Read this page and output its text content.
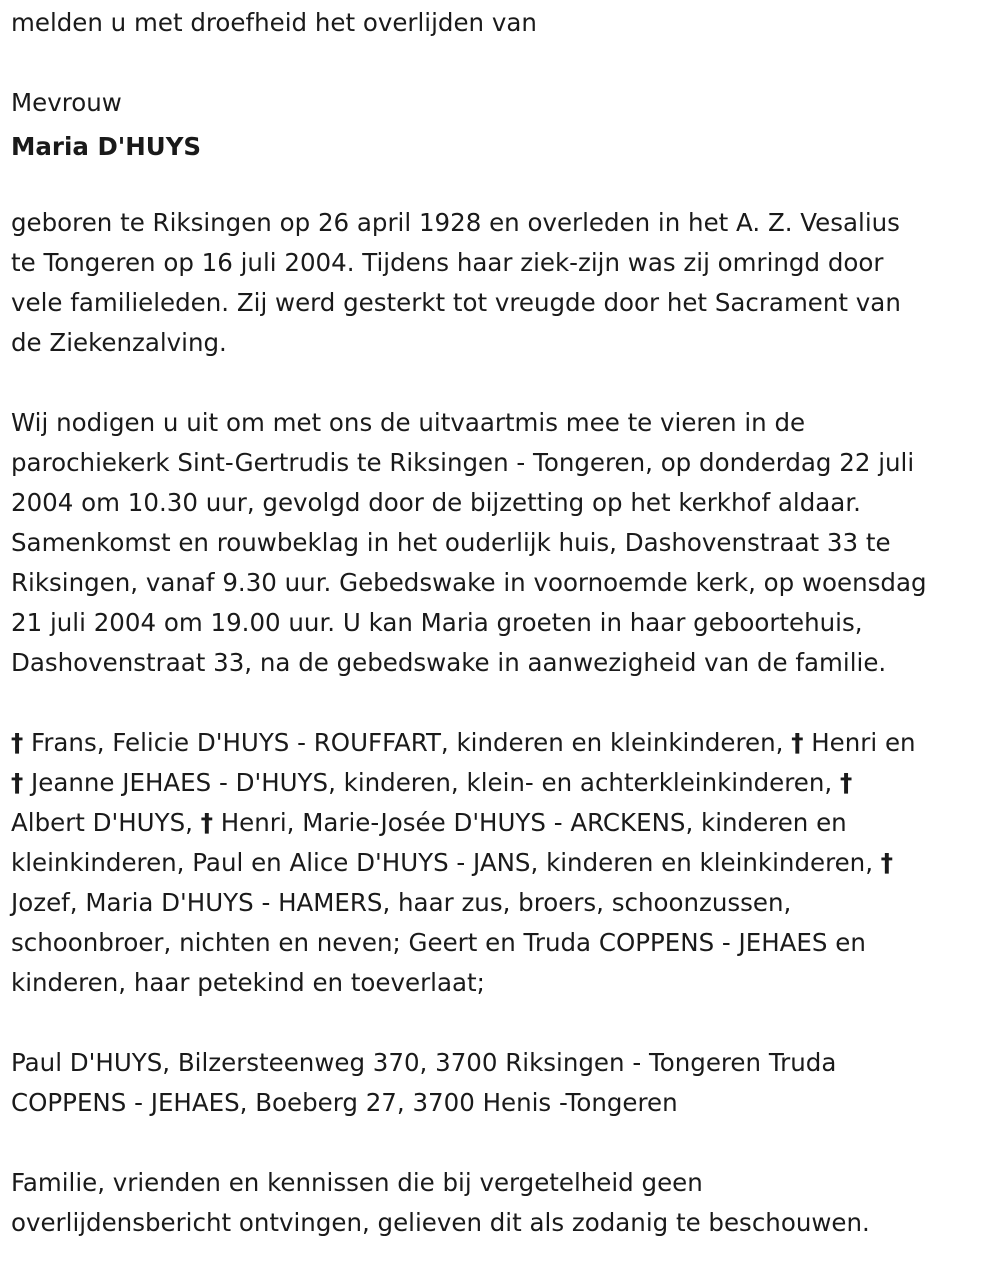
melden u met droefheid het overlijden van
Mevrouw
Maria D'HUYS
geboren te Riksingen op 26 april 1928 en overleden in het A. Z. Vesalius
te Tongeren op 16 juli 2004. Tijdens haar ziek-zijn was zij omringd door
vele familieleden. Zij werd gesterkt tot vreugde door het Sacrament van
de Ziekenzalving.
Wij nodigen u uit om met ons de uitvaartmis mee te vieren in de
parochiekerk Sint-Gertrudis te Riksingen - Tongeren, op donderdag 22 juli
2004 om 10.30 uur, gevolgd door de bijzetting op het kerkhof aldaar.
Samenkomst en rouwbeklag in het ouderlijk huis, Dashovenstraat 33 te
Riksingen, vanaf 9.30 uur. Gebedswake in voornoemde kerk, op woensdag
21 juli 2004 om 19.00 uur. U kan Maria groeten in haar geboortehuis,
Dashovenstraat 33, na de gebedswake in aanwezigheid van de familie.
† Frans, Felicie D'HUYS - ROUFFART, kinderen en kleinkinderen, † Henri en
† Jeanne JEHAES - D'HUYS, kinderen, klein- en achterkleinkinderen, †
Albert D'HUYS, † Henri, Marie-Josée D'HUYS - ARCKENS, kinderen en
kleinkinderen, Paul en Alice D'HUYS - JANS, kinderen en kleinkinderen, †
Jozef, Maria D'HUYS - HAMERS, haar zus, broers, schoonzussen,
schoonbroer, nichten en neven; Geert en Truda COPPENS - JEHAES en
kinderen, haar petekind en toeverlaat;
Paul D'HUYS, Bilzersteenweg 370, 3700 Riksingen - Tongeren Truda
COPPENS - JEHAES, Boeberg 27, 3700 Henis -Tongeren
Familie, vrienden en kennissen die bij vergetelheid geen
overlijdensbericht ontvingen, gelieven dit als zodanig te beschouwen.
